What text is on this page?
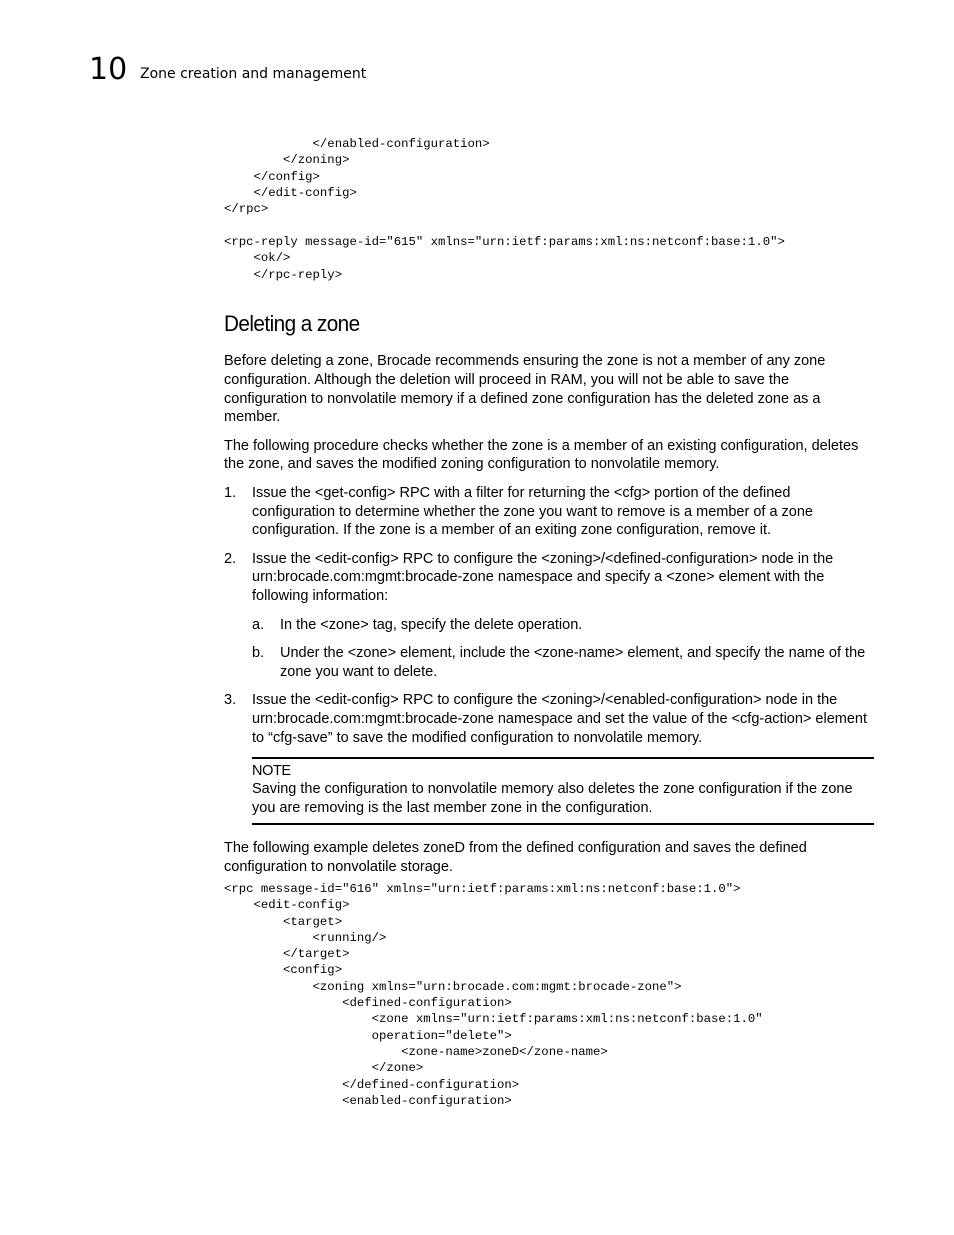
10 Zone creation and management
</enabled-configuration>
</zoning>
</config>
</edit-config>
</rpc>
<rpc-reply message-id="615" xmlns="urn:ietf:params:xml:ns:netconf:base:1.0">
<ok/>
</rpc-reply>
Deleting a zone

Before deleting a zone, Brocade recommends ensuring the zone is not a member of any zone configuration. Although the deletion will proceed in RAM, you will not be able to save the configuration to nonvolatile memory if a defined zone configuration has the deleted zone as a member.

The following procedure checks whether the zone is a member of an existing configuration, deletes the zone, and saves the modified zoning configuration to nonvolatile memory.

1. Issue the <get-config> RPC with a filter for returning the <cfg> portion of the defined configuration to determine whether the zone you want to remove is a member of a zone configuration. If the zone is a member of an exiting zone configuration, remove it.
2. Issue the <edit-config> RPC to configure the <zoning>/<defined-configuration> node in the urn:brocade.com:mgmt:brocade-zone namespace and specify a <zone> element with the following information:
a. In the <zone> tag, specify the delete operation.
b. Under the <zone> element, include the <zone-name> element, and specify the name of the zone you want to delete.
3. Issue the <edit-config> RPC to configure the <zoning>/<enabled-configuration> node in the urn:brocade.com:mgmt:brocade-zone namespace and set the value of the <cfg-action> element to “cfg-save” to save the modified configuration to nonvolatile memory.
NOTE
Saving the configuration to nonvolatile memory also deletes the zone configuration if the zone you are removing is the last member zone in the configuration.

The following example deletes zoneD from the defined configuration and saves the defined configuration to nonvolatile storage.

<rpc message-id="616" xmlns="urn:ietf:params:xml:ns:netconf:base:1.0">
<edit-config>
<target>
<running/>
</target>
<config>
<zoning xmlns="urn:brocade.com:mgmt:brocade-zone">
<defined-configuration>
<zone xmlns="urn:ietf:params:xml:ns:netconf:base:1.0"
operation="delete">
<zone-name>zoneD</zone-name>
</zone>
</defined-configuration>
<enabled-configuration>
